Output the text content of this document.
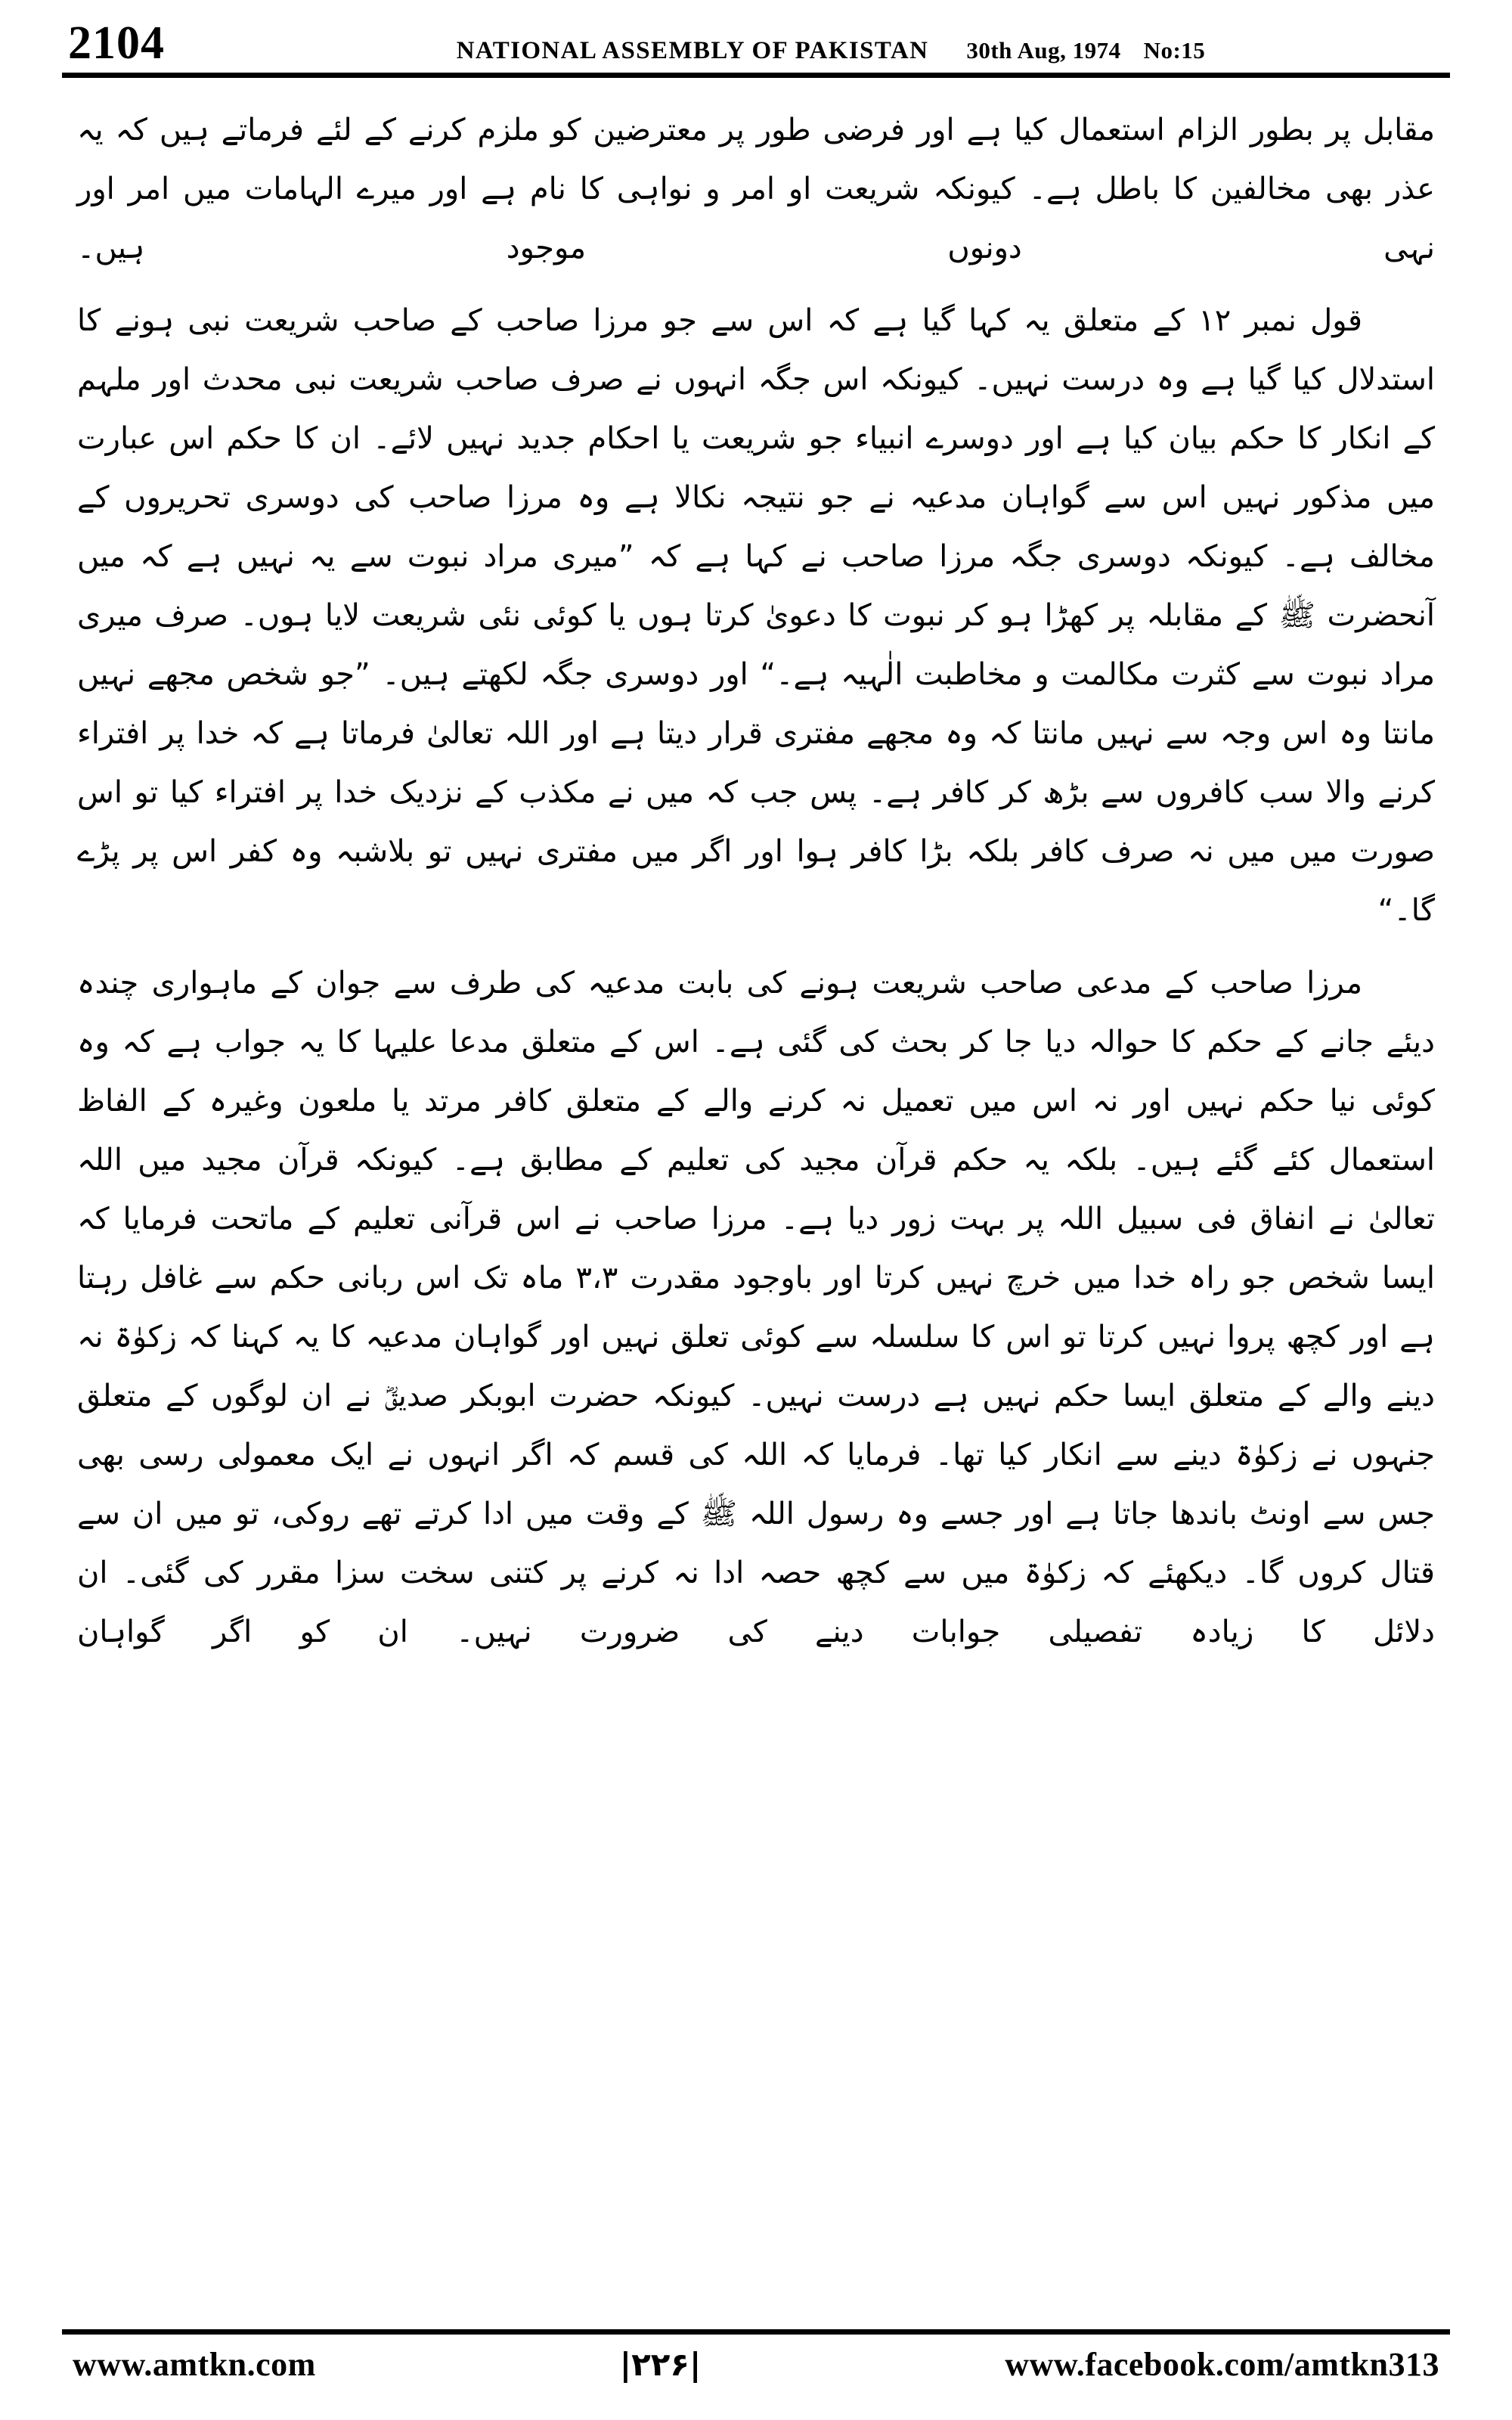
2104	NATIONAL ASSEMBLY OF PAKISTAN 30th Aug, 1974 No:15

مقابل پر بطور الزام استعمال کیا ہے اور فرضی طور پر معترضین کو ملزم کرنے کے لئے فرماتے ہیں کہ یہ عذر بھی مخالفین کا باطل ہے۔ کیونکہ شریعت او امر و نواہی کا نام ہے اور میرے الہامات میں امر اور نہی دونوں موجود ہیں۔

قول نمبر ۱۲ کے متعلق یہ کہا گیا ہے کہ اس سے جو مرزا صاحب کے صاحب شریعت نبی ہونے کا استدلال کیا گیا ہے وہ درست نہیں۔ کیونکہ اس جگہ انہوں نے صرف صاحب شریعت نبی محدث اور ملہم کے انکار کا حکم بیان کیا ہے اور دوسرے انبیاء جو شریعت یا احکام جدید نہیں لائے۔ ان کا حکم اس عبارت میں مذکور نہیں اس سے گواہان مدعیہ نے جو نتیجہ نکالا ہے وہ مرزا صاحب کی دوسری تحریروں کے مخالف ہے۔ کیونکہ دوسری جگہ مرزا صاحب نے کہا ہے کہ ”میری مراد نبوت سے یہ نہیں ہے کہ میں آنحضرت ﷺ کے مقابلہ پر کھڑا ہو کر نبوت کا دعویٰ کرتا ہوں یا کوئی نئی شریعت لایا ہوں۔ صرف میری مراد نبوت سے کثرت مکالمت و مخاطبت الٰہیہ ہے۔“ اور دوسری جگہ لکھتے ہیں۔ ”جو شخص مجھے نہیں مانتا وہ اس وجہ سے نہیں مانتا کہ وہ مجھے مفتری قرار دیتا ہے اور اللہ تعالیٰ فرماتا ہے کہ خدا پر افتراء کرنے والا سب کافروں سے بڑھ کر کافر ہے۔ پس جب کہ میں نے مکذب کے نزدیک خدا پر افتراء کیا تو اس صورت میں میں نہ صرف کافر بلکہ بڑا کافر ہوا اور اگر میں مفتری نہیں تو بلاشبہ وہ کفر اس پر پڑے گا۔“

مرزا صاحب کے مدعی صاحب شریعت ہونے کی بابت مدعیہ کی طرف سے جوان کے ماہواری چندہ دیئے جانے کے حکم کا حوالہ دیا جا کر بحث کی گئی ہے۔ اس کے متعلق مدعا علیہا کا یہ جواب ہے کہ وہ کوئی نیا حکم نہیں اور نہ اس میں تعمیل نہ کرنے والے کے متعلق کافر مرتد یا ملعون وغیرہ کے الفاظ استعمال کئے گئے ہیں۔ بلکہ یہ حکم قرآن مجید کی تعلیم کے مطابق ہے۔ کیونکہ قرآن مجید میں اللہ تعالیٰ نے انفاق فی سبیل اللہ پر بہت زور دیا ہے۔ مرزا صاحب نے اس قرآنی تعلیم کے ماتحت فرمایا کہ ایسا شخص جو راہ خدا میں خرچ نہیں کرتا اور باوجود مقدرت ۳،۳ ماہ تک اس ربانی حکم سے غافل رہتا ہے اور کچھ پروا نہیں کرتا تو اس کا سلسلہ سے کوئی تعلق نہیں اور گواہان مدعیہ کا یہ کہنا کہ زکوٰۃ نہ دینے والے کے متعلق ایسا حکم نہیں ہے درست نہیں۔ کیونکہ حضرت ابوبکر صدیقؓ نے ان لوگوں کے متعلق جنہوں نے زکوٰۃ دینے سے انکار کیا تھا۔ فرمایا کہ اللہ کی قسم کہ اگر انہوں نے ایک معمولی رسی بھی جس سے اونٹ باندھا جاتا ہے اور جسے وہ رسول اللہ ﷺ کے وقت میں ادا کرتے تھے روکی، تو میں ان سے قتال کروں گا۔ دیکھئے کہ زکوٰۃ میں سے کچھ حصہ ادا نہ کرنے پر کتنی سخت سزا مقرر کی گئی۔ ان دلائل کا زیادہ تفصیلی جوابات دینے کی ضرورت نہیں۔ ان کو اگر گواہان

www.amtkn.com	|۲۲۶|	www.facebook.com/amtkn313
